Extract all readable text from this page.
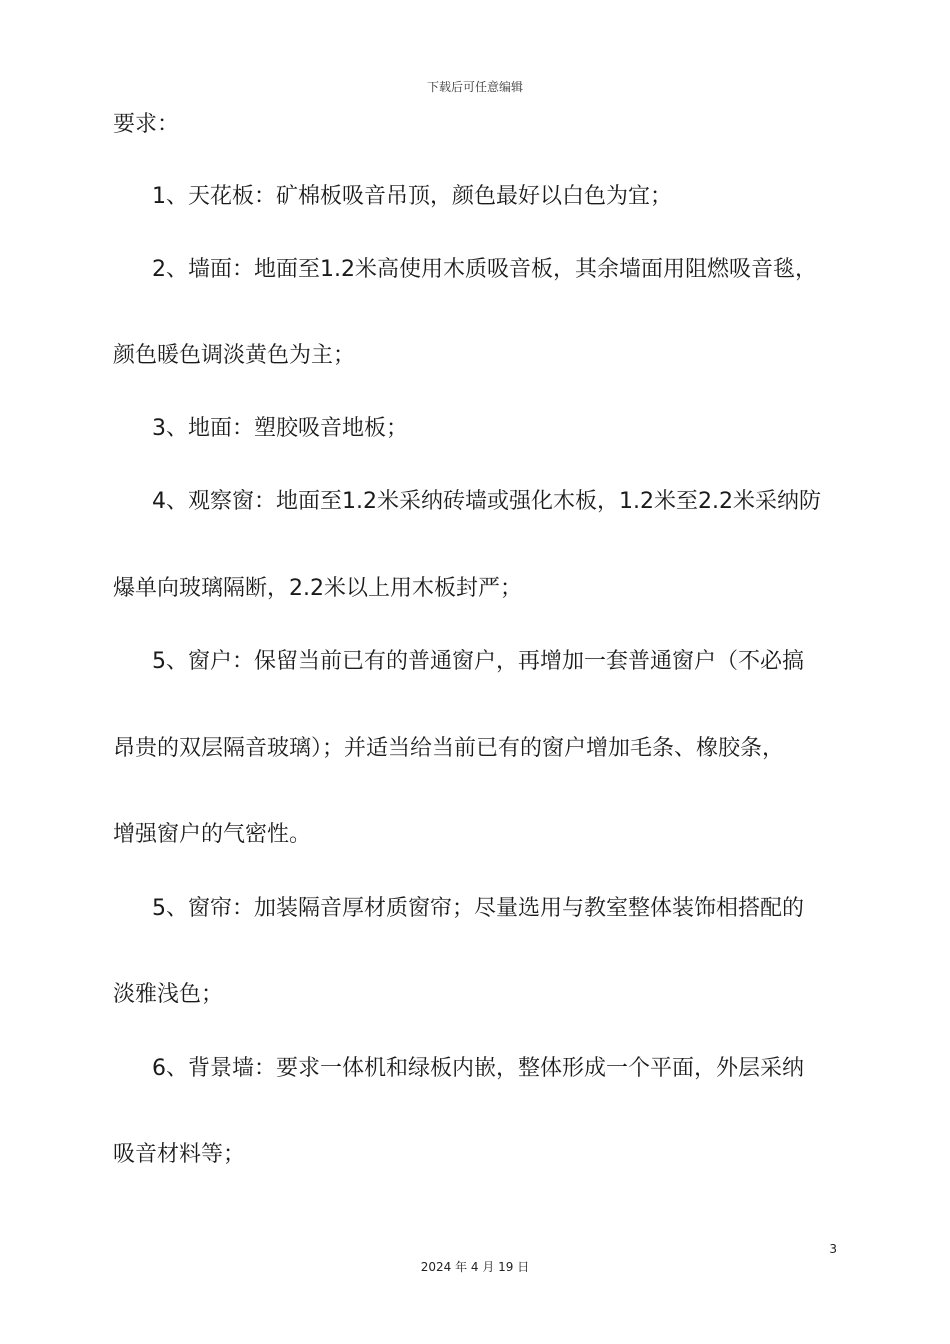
下载后可任意编辑
要求：
1、天花板：矿棉板吸音吊顶，颜色最好以白色为宜；
2、墙面：地面至1.2米高使用木质吸音板，其余墙面用阻燃吸音毯，
颜色暖色调淡黄色为主；
3、地面：塑胶吸音地板；
4、观察窗：地面至1.2米采纳砖墙或强化木板，1.2米至2.2米采纳防
爆单向玻璃隔断，2.2米以上用木板封严；
5、窗户：保留当前已有的普通窗户，再增加一套普通窗户（不必搞
昂贵的双层隔音玻璃）；并适当给当前已有的窗户增加毛条、橡胶条，
增强窗户的气密性。
5、窗帘：加装隔音厚材质窗帘；尽量选用与教室整体装饰相搭配的
淡雅浅色；
6、背景墙：要求一体机和绿板内嵌，整体形成一个平面，外层采纳
吸音材料等；
3
2024 年 4 月 19 日
